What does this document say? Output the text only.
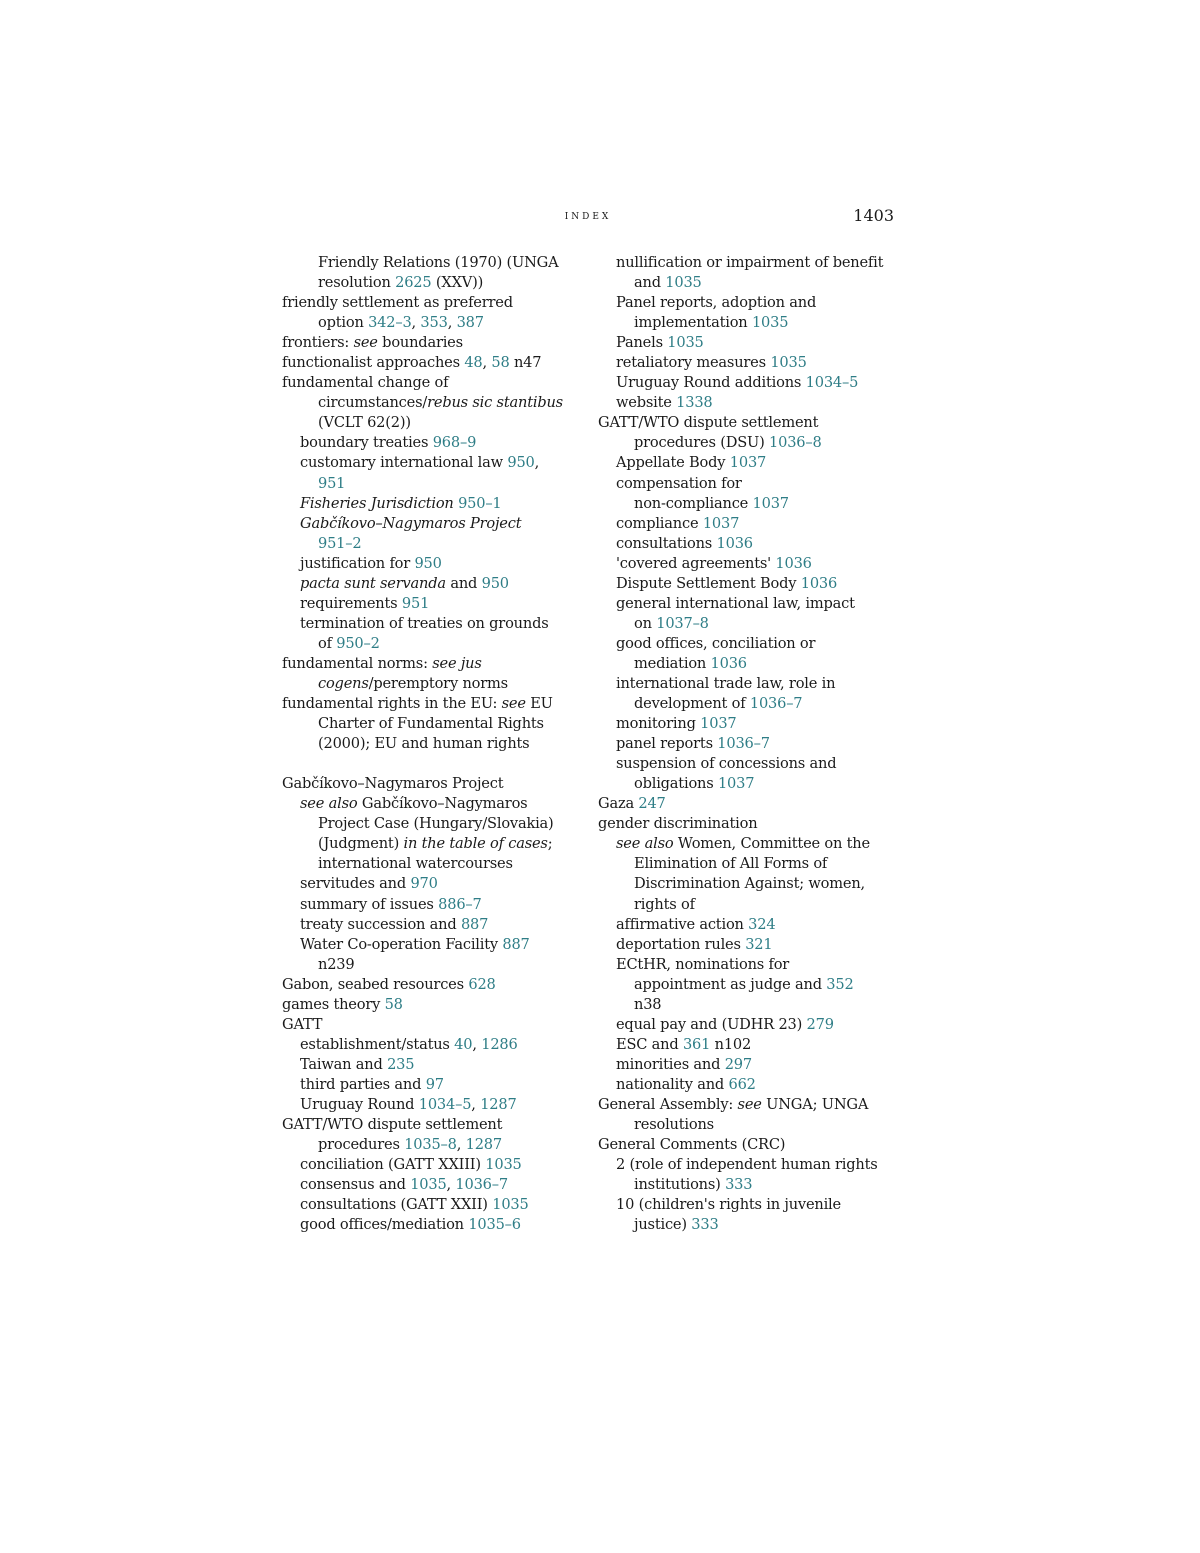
index	1403
Friendly Relations (1970) (UNGA
resolution 2625 (XXV))
friendly settlement as preferred
option 342–3, 353, 387
frontiers: see boundaries
functionalist approaches 48, 58 n47
fundamental change of
circumstances/rebus sic stantibus
(VCLT 62(2))
boundary treaties 968–9
customary international law 950,
951
Fisheries Jurisdiction 950–1
Gabčíkovo–Nagymaros Project
951–2
justification for 950
pacta sunt servanda and 950
requirements 951
termination of treaties on grounds
of 950–2
fundamental norms: see jus
cogens/peremptory norms
fundamental rights in the EU: see EU
Charter of Fundamental Rights
(2000); EU and human rights
Gabčíkovo–Nagymaros Project
see also Gabčíkovo–Nagymaros
Project Case (Hungary/Slovakia)
(Judgment) in the table of cases;
international watercourses
servitudes and 970
summary of issues 886–7
treaty succession and 887
Water Co-operation Facility 887
n239
Gabon, seabed resources 628
games theory 58
GATT
establishment/status 40, 1286
Taiwan and 235
third parties and 97
Uruguay Round 1034–5, 1287
GATT/WTO dispute settlement
procedures 1035–8, 1287
conciliation (GATT XXIII) 1035
consensus and 1035, 1036–7
consultations (GATT XXII) 1035
good offices/mediation 1035–6
nullification or impairment of benefit
and 1035
Panel reports, adoption and
implementation 1035
Panels 1035
retaliatory measures 1035
Uruguay Round additions 1034–5
website 1338
GATT/WTO dispute settlement
procedures (DSU) 1036–8
Appellate Body 1037
compensation for
non-compliance 1037
compliance 1037
consultations 1036
'covered agreements' 1036
Dispute Settlement Body 1036
general international law, impact
on 1037–8
good offices, conciliation or
mediation 1036
international trade law, role in
development of 1036–7
monitoring 1037
panel reports 1036–7
suspension of concessions and
obligations 1037
Gaza 247
gender discrimination
see also Women, Committee on the
Elimination of All Forms of
Discrimination Against; women,
rights of
affirmative action 324
deportation rules 321
ECtHR, nominations for
appointment as judge and 352
n38
equal pay and (UDHR 23) 279
ESC and 361 n102
minorities and 297
nationality and 662
General Assembly: see UNGA; UNGA
resolutions
General Comments (CRC)
2 (role of independent human rights
institutions) 333
10 (children's rights in juvenile
justice) 333
